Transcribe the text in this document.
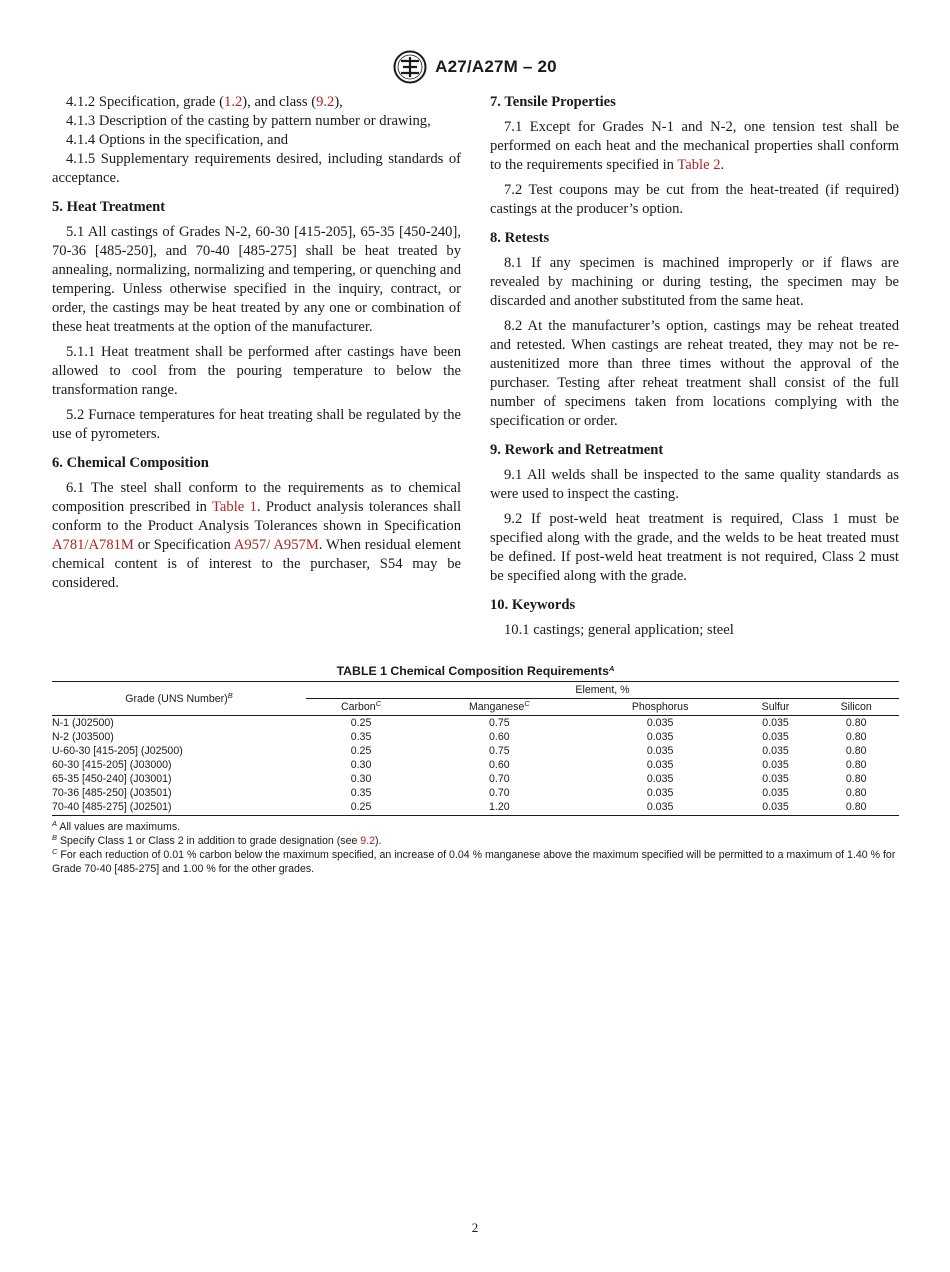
A27/A27M – 20

4.1.2 Specification, grade (1.2), and class (9.2),

4.1.3 Description of the casting by pattern number or drawing,

4.1.4 Options in the specification, and

4.1.5 Supplementary requirements desired, including standards of acceptance.

5. Heat Treatment

5.1 All castings of Grades N-2, 60-30 [415-205], 65-35 [450-240], 70-36 [485-250], and 70-40 [485-275] shall be heat treated by annealing, normalizing, normalizing and tempering, or quenching and tempering. Unless otherwise specified in the inquiry, contract, or order, the castings may be heat treated by any one or combination of these heat treatments at the option of the manufacturer.

5.1.1 Heat treatment shall be performed after castings have been allowed to cool from the pouring temperature to below the transformation range.

5.2 Furnace temperatures for heat treating shall be regulated by the use of pyrometers.

6. Chemical Composition

6.1 The steel shall conform to the requirements as to chemical composition prescribed in Table 1. Product analysis tolerances shall conform to the Product Analysis Tolerances shown in Specification A781/A781M or Specification A957/ A957M. When residual element chemical content is of interest to the purchaser, S54 may be considered.

7. Tensile Properties

7.1 Except for Grades N-1 and N-2, one tension test shall be performed on each heat and the mechanical properties shall conform to the requirements specified in Table 2.

7.2 Test coupons may be cut from the heat-treated (if required) castings at the producer’s option.

8. Retests

8.1 If any specimen is machined improperly or if flaws are revealed by machining or during testing, the specimen may be discarded and another substituted from the same heat.

8.2 At the manufacturer’s option, castings may be reheat treated and retested. When castings are reheat treated, they may not be re-austenitized more than three times without the approval of the purchaser. Testing after reheat treatment shall consist of the full number of specimens taken from locations complying with the specification or order.

9. Rework and Retreatment

9.1 All welds shall be inspected to the same quality standards as were used to inspect the casting.

9.2 If post-weld heat treatment is required, Class 1 must be specified along with the grade, and the welds to be heat treated must be defined. If post-weld heat treatment is not required, Class 2 must be specified along with the grade.

10. Keywords

10.1 castings; general application; steel

TABLE 1 Chemical Composition Requirements$^A$
Grade (UNS Number)$^B$	Element, %				
	Carbon$^C$	Manganese$^C$	Phosphorus	Sulfur	Silicon
N-1 (J02500)	0.25	0.75	0.035	0.035	0.80
N-2 (J03500)	0.35	0.60	0.035	0.035	0.80
U-60-30 [415-205] (J02500)	0.25	0.75	0.035	0.035	0.80
60-30 [415-205] (J03000)	0.30	0.60	0.035	0.035	0.80
65-35 [450-240] (J03001)	0.30	0.70	0.035	0.035	0.80
70-36 [485-250] (J03501)	0.35	0.70	0.035	0.035	0.80
70-40 [485-275] (J02501)	0.25	1.20	0.035	0.035	0.80
$^A$ All values are maximums.
$^B$ Specify Class 1 or Class 2 in addition to grade designation (see 9.2).
$^C$ For each reduction of 0.01 % carbon below the maximum specified, an increase of 0.04 % manganese above the maximum specified will be permitted to a maximum of 1.40 % for Grade 70-40 [485-275] and 1.00 % for the other grades.
2
